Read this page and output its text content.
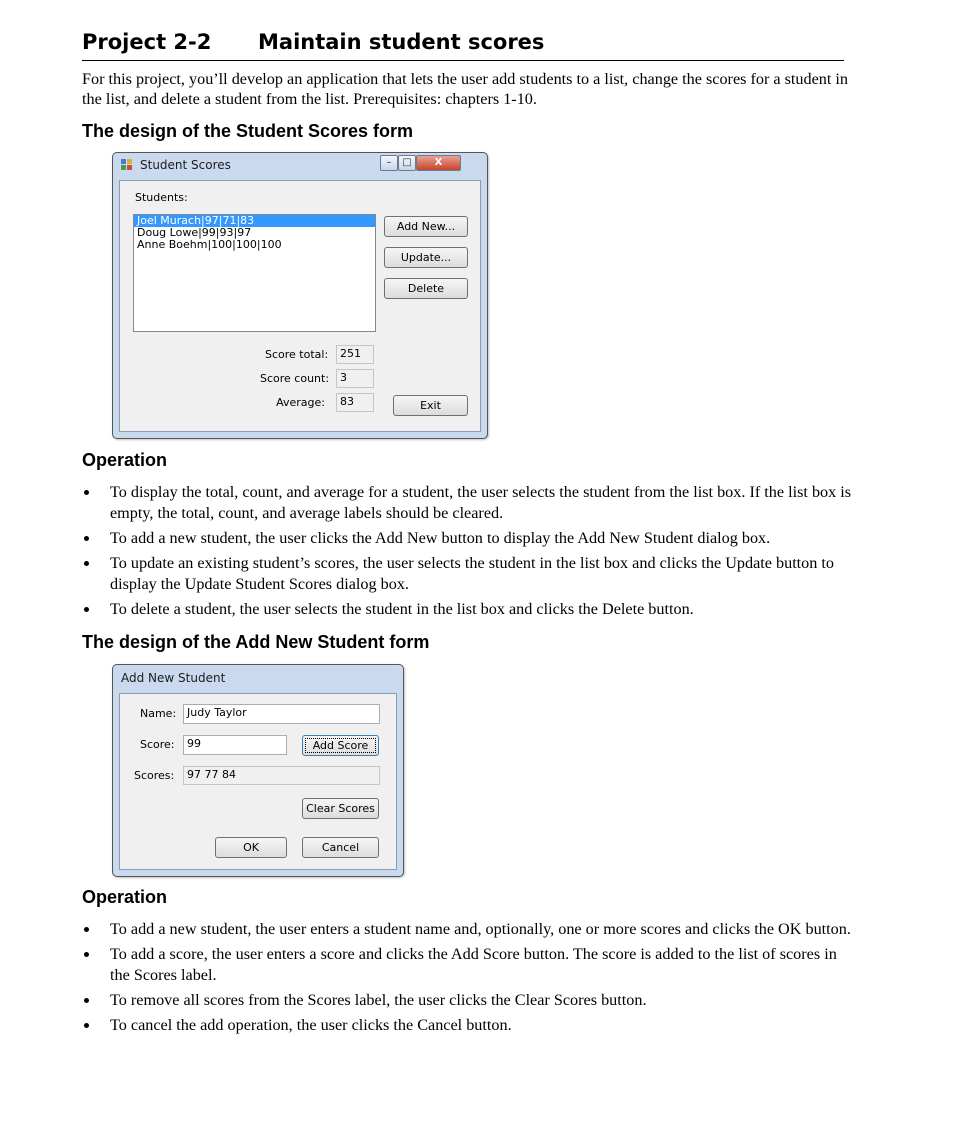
Project 2-2 Maintain student scores
For this project, you’ll develop an application that lets the user add students to a list, change the scores for a student in the list, and delete a student from the list. Prerequisites: chapters 1-10.
The design of the Student Scores form
Student Scores	–	□	X
Students:
Joel Murach|97|71|83
Doug Lowe|99|93|97
Anne Boehm|100|100|100
Add New...
Update...
Delete
Score total:	251
Score count: 3
Average:	83	Exit
Operation
To display the total, count, and average for a student, the user selects the student from the list box. If the list box is empty, the total, count, and average labels should be cleared.
To add a new student, the user clicks the Add New button to display the Add New Student dialog box.
To update an existing student’s scores, the user selects the student in the list box and clicks the Update button to display the Update Student Scores dialog box.
To delete a student, the user selects the student in the list box and clicks the Delete button.
The design of the Add New Student form
Add New Student
Name: Judy Taylor
Score:	99	Add Score
Scores:	97 77 84
Clear Scores
OK	Cancel
Operation
To add a new student, the user enters a student name and, optionally, one or more scores and clicks the OK button.
To add a score, the user enters a score and clicks the Add Score button. The score is added to the list of scores in the Scores label.
To remove all scores from the Scores label, the user clicks the Clear Scores button.
To cancel the add operation, the user clicks the Cancel button.
